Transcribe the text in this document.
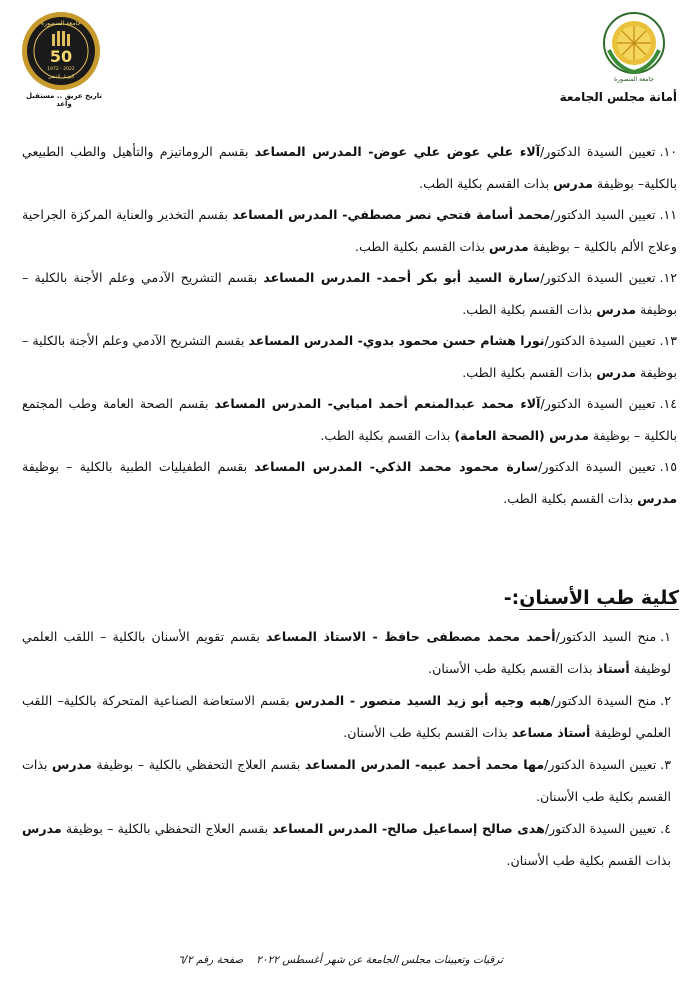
جامعة المنصورة
أمانة مجلس الجامعة
جامعة المنصورة
50
1972 - 2022
اليوبيل الذهبي
تاريخ عريق .. مستقبل واعد

١٠.تعيين السيدة الدكتور/آلاء علي عوض علي عوض- المدرس المساعد بقسم الروماتيزم والتأهيل والطب الطبيعي بالكلية– بوظيفة مدرس بذات القسم بكلية الطب.

١١.تعيين السيد الدكتور/محمد أسامة فتحي نصر مصطفي- المدرس المساعد بقسم التخدير والعناية المركزة الجراحية وعلاج الألم بالكلية – بوظيفة مدرس بذات القسم بكلية الطب.

١٢.تعيين السيدة الدكتور/سارة السيد أبو بكر أحمد- المدرس المساعد بقسم التشريح الآدمي وعلم الأجنة بالكلية – بوظيفة مدرس بذات القسم بكلية الطب.

١٣.تعيين السيدة الدكتور/نورا هشام حسن محمود بدوي- المدرس المساعد بقسم التشريح الآدمي وعلم الأجنة بالكلية – بوظيفة مدرس بذات القسم بكلية الطب.

١٤.تعيين السيدة الدكتور/آلاء محمد عبدالمنعم أحمد امبابي- المدرس المساعد بقسم الصحة العامة وطب المجتمع بالكلية – بوظيفة مدرس (الصحة العامة) بذات القسم بكلية الطب.

١٥.تعيين السيدة الدكتور/سارة محمود محمد الذكي- المدرس المساعد بقسم الطفيليات الطبية بالكلية – بوظيفة مدرس بذات القسم بكلية الطب.

كلية طب الأسنان:-

١.منح السيد الدكتور/أحمد محمد مصطفى حافظ - الاستاذ المساعد بقسم تقويم الأسنان بالكلية – اللقب العلمي لوظيفة أستاذ بذات القسم بكلية طب الأسنان.

٢.منح السيدة الدكتور/هبه وجيه أبو زيد السيد منصور - المدرس بقسم الاستعاضة الصناعية المتحركة بالكلية– اللقب العلمي لوظيفة أستاذ مساعد بذات القسم بكلية طب الأسنان.

٣.تعيين السيدة الدكتور/مها محمد أحمد عبيه- المدرس المساعد بقسم العلاج التحفظي بالكلية – بوظيفة مدرس بذات القسم بكلية طب الأسنان.

٤.تعيين السيدة الدكتور/هدى صالح إسماعيل صالح- المدرس المساعد بقسم العلاج التحفظي بالكلية – بوظيفة مدرس بذات القسم بكلية طب الأسنان.

ترقيات وتعيينات مجلس الجامعة عن شهر أغسطس ٢٠٢٢
صفحة رقم ٦/٢
